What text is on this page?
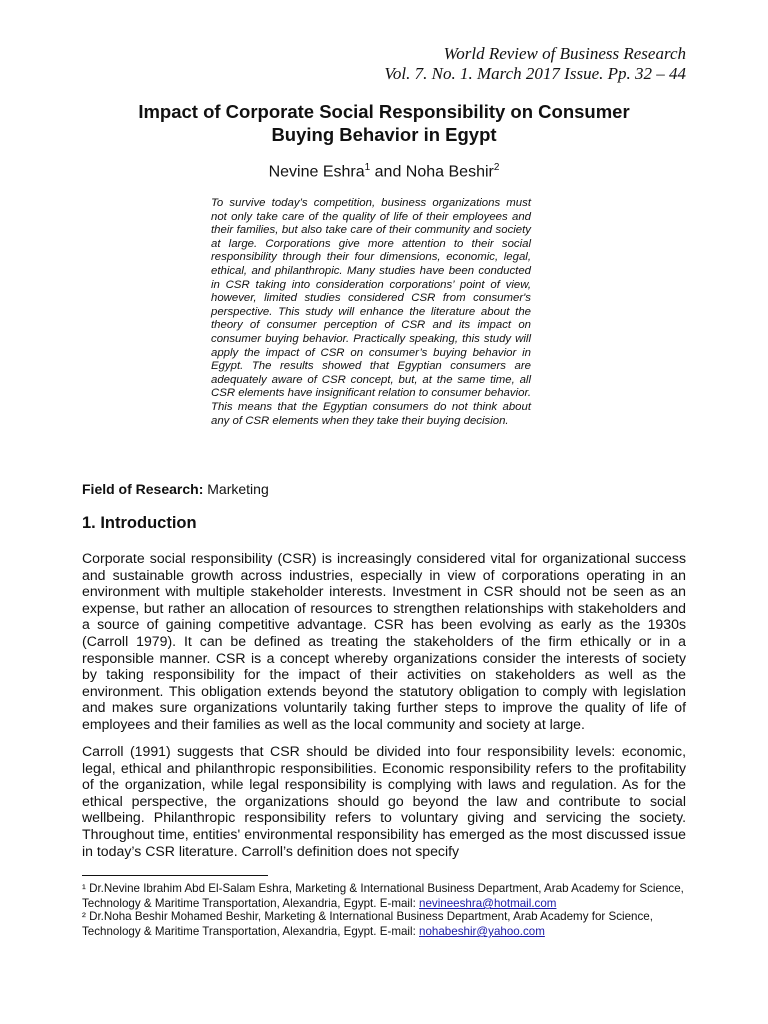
World Review of Business Research
Vol. 7. No. 1. March 2017 Issue. Pp. 32 – 44
Impact of Corporate Social Responsibility on Consumer
Buying Behavior in Egypt
Nevine Eshra$^1$ and Noha Beshir$^2$
To survive today’s competition, business organizations must not only take care of the quality of life of their employees and their families, but also take care of their community and society at large. Corporations give more attention to their social responsibility through their four dimensions, economic, legal, ethical, and philanthropic. Many studies have been conducted in CSR taking into consideration corporations’ point of view, however, limited studies considered CSR from consumer's perspective. This study will enhance the literature about the theory of consumer perception of CSR and its impact on consumer buying behavior. Practically speaking, this study will apply the impact of CSR on consumer’s buying behavior in Egypt. The results showed that Egyptian consumers are adequately aware of CSR concept, but, at the same time, all CSR elements have insignificant relation to consumer behavior. This means that the Egyptian consumers do not think about any of CSR elements when they take their buying decision.
Field of Research: Marketing
1. Introduction
Corporate social responsibility (CSR) is increasingly considered vital for organizational success and sustainable growth across industries, especially in view of corporations operating in an environment with multiple stakeholder interests. Investment in CSR should not be seen as an expense, but rather an allocation of resources to strengthen relationships with stakeholders and a source of gaining competitive advantage. CSR has been evolving as early as the 1930s (Carroll 1979). It can be defined as treating the stakeholders of the firm ethically or in a responsible manner. CSR is a concept whereby organizations consider the interests of society by taking responsibility for the impact of their activities on stakeholders as well as the environment. This obligation extends beyond the statutory obligation to comply with legislation and makes sure organizations voluntarily taking further steps to improve the quality of life of employees and their families as well as the local community and society at large.
Carroll (1991) suggests that CSR should be divided into four responsibility levels: economic, legal, ethical and philanthropic responsibilities. Economic responsibility refers to the profitability of the organization, while legal responsibility is complying with laws and regulation. As for the ethical perspective, the organizations should go beyond the law and contribute to social wellbeing. Philanthropic responsibility refers to voluntary giving and servicing the society. Throughout time, entities' environmental responsibility has emerged as the most discussed issue in today’s CSR literature. Carroll’s definition does not specify
¹ Dr.Nevine Ibrahim Abd El-Salam Eshra, Marketing & International Business Department, Arab Academy for Science, Technology & Maritime Transportation, Alexandria, Egypt. E-mail: nevineeshra@hotmail.com
² Dr.Noha Beshir Mohamed Beshir, Marketing & International Business Department, Arab Academy for Science, Technology & Maritime Transportation, Alexandria, Egypt. E-mail: nohabeshir@yahoo.com
